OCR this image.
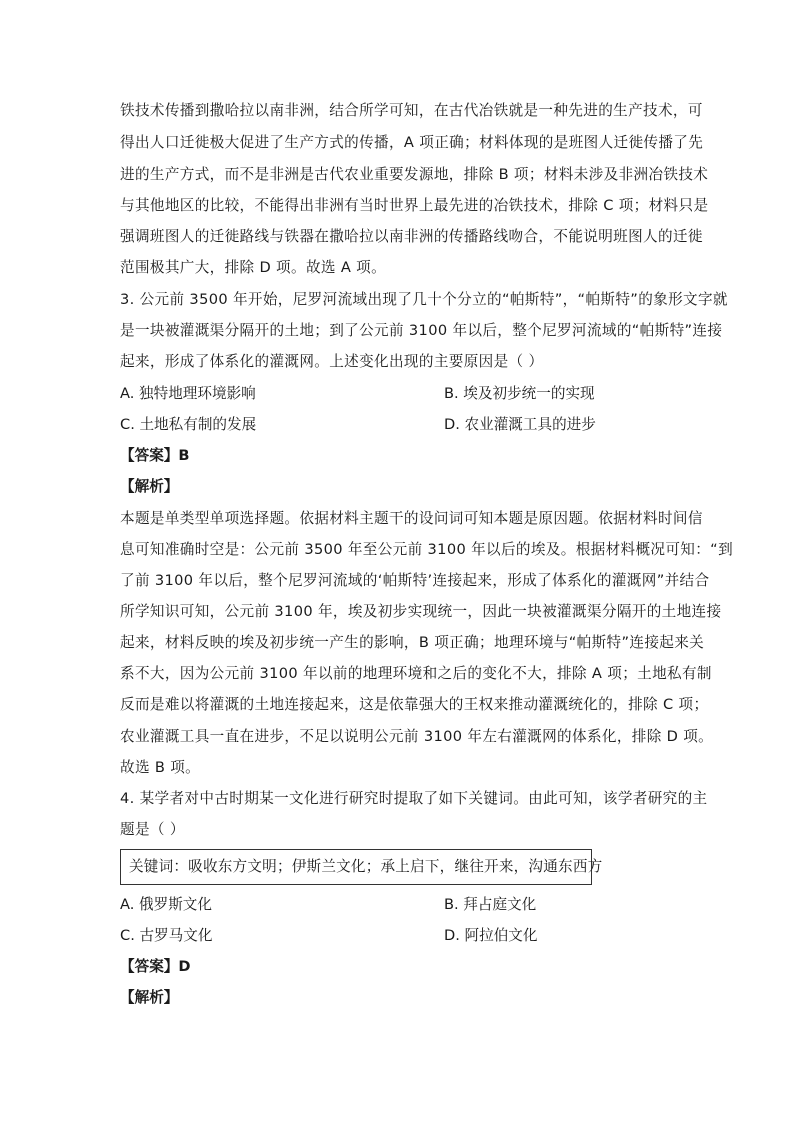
铁技术传播到撒哈拉以南非洲，结合所学可知，在古代冶铁就是一种先进的生产技术，可
得出人口迁徙极大促进了生产方式的传播，A 项正确；材料体现的是班图人迁徙传播了先
进的生产方式，而不是非洲是古代农业重要发源地，排除 B 项；材料未涉及非洲冶铁技术
与其他地区的比较，不能得出非洲有当时世界上最先进的冶铁技术，排除 C 项；材料只是
强调班图人的迁徙路线与铁器在撒哈拉以南非洲的传播路线吻合，不能说明班图人的迁徙
范围极其广大，排除 D 项。故选 A 项。
3. 公元前 3500 年开始，尼罗河流域出现了几十个分立的“帕斯特”，“帕斯特”的象形文字就
是一块被灌溉渠分隔开的土地；到了公元前 3100 年以后，整个尼罗河流域的“帕斯特”连接
起来，形成了体系化的灌溉网。上述变化出现的主要原因是（ ）
A. 独特地理环境影响	B. 埃及初步统一的实现
C. 土地私有制的发展	D. 农业灌溉工具的进步
【答案】B
【解析】
本题是单类型单项选择题。依据材料主题干的设问词可知本题是原因题。依据材料时间信
息可知准确时空是：公元前 3500 年至公元前 3100 年以后的埃及。根据材料概况可知：“到
了前 3100 年以后，整个尼罗河流域的‘帕斯特’连接起来，形成了体系化的灌溉网”并结合
所学知识可知，公元前 3100 年，埃及初步实现统一，因此一块被灌溉渠分隔开的土地连接
起来，材料反映的埃及初步统一产生的影响，B 项正确；地理环境与“帕斯特”连接起来关
系不大，因为公元前 3100 年以前的地理环境和之后的变化不大，排除 A 项；土地私有制
反而是难以将灌溉的土地连接起来，这是依靠强大的王权来推动灌溉统化的，排除 C 项；
农业灌溉工具一直在进步，不足以说明公元前 3100 年左右灌溉网的体系化，排除 D 项。
故选 B 项。
4. 某学者对中古时期某一文化进行研究时提取了如下关键词。由此可知，该学者研究的主
题是（ ）
关键词：吸收东方文明；伊斯兰文化；承上启下，继往开来，沟通东西方
A. 俄罗斯文化	B. 拜占庭文化
C. 古罗马文化	D. 阿拉伯文化
【答案】D
【解析】
